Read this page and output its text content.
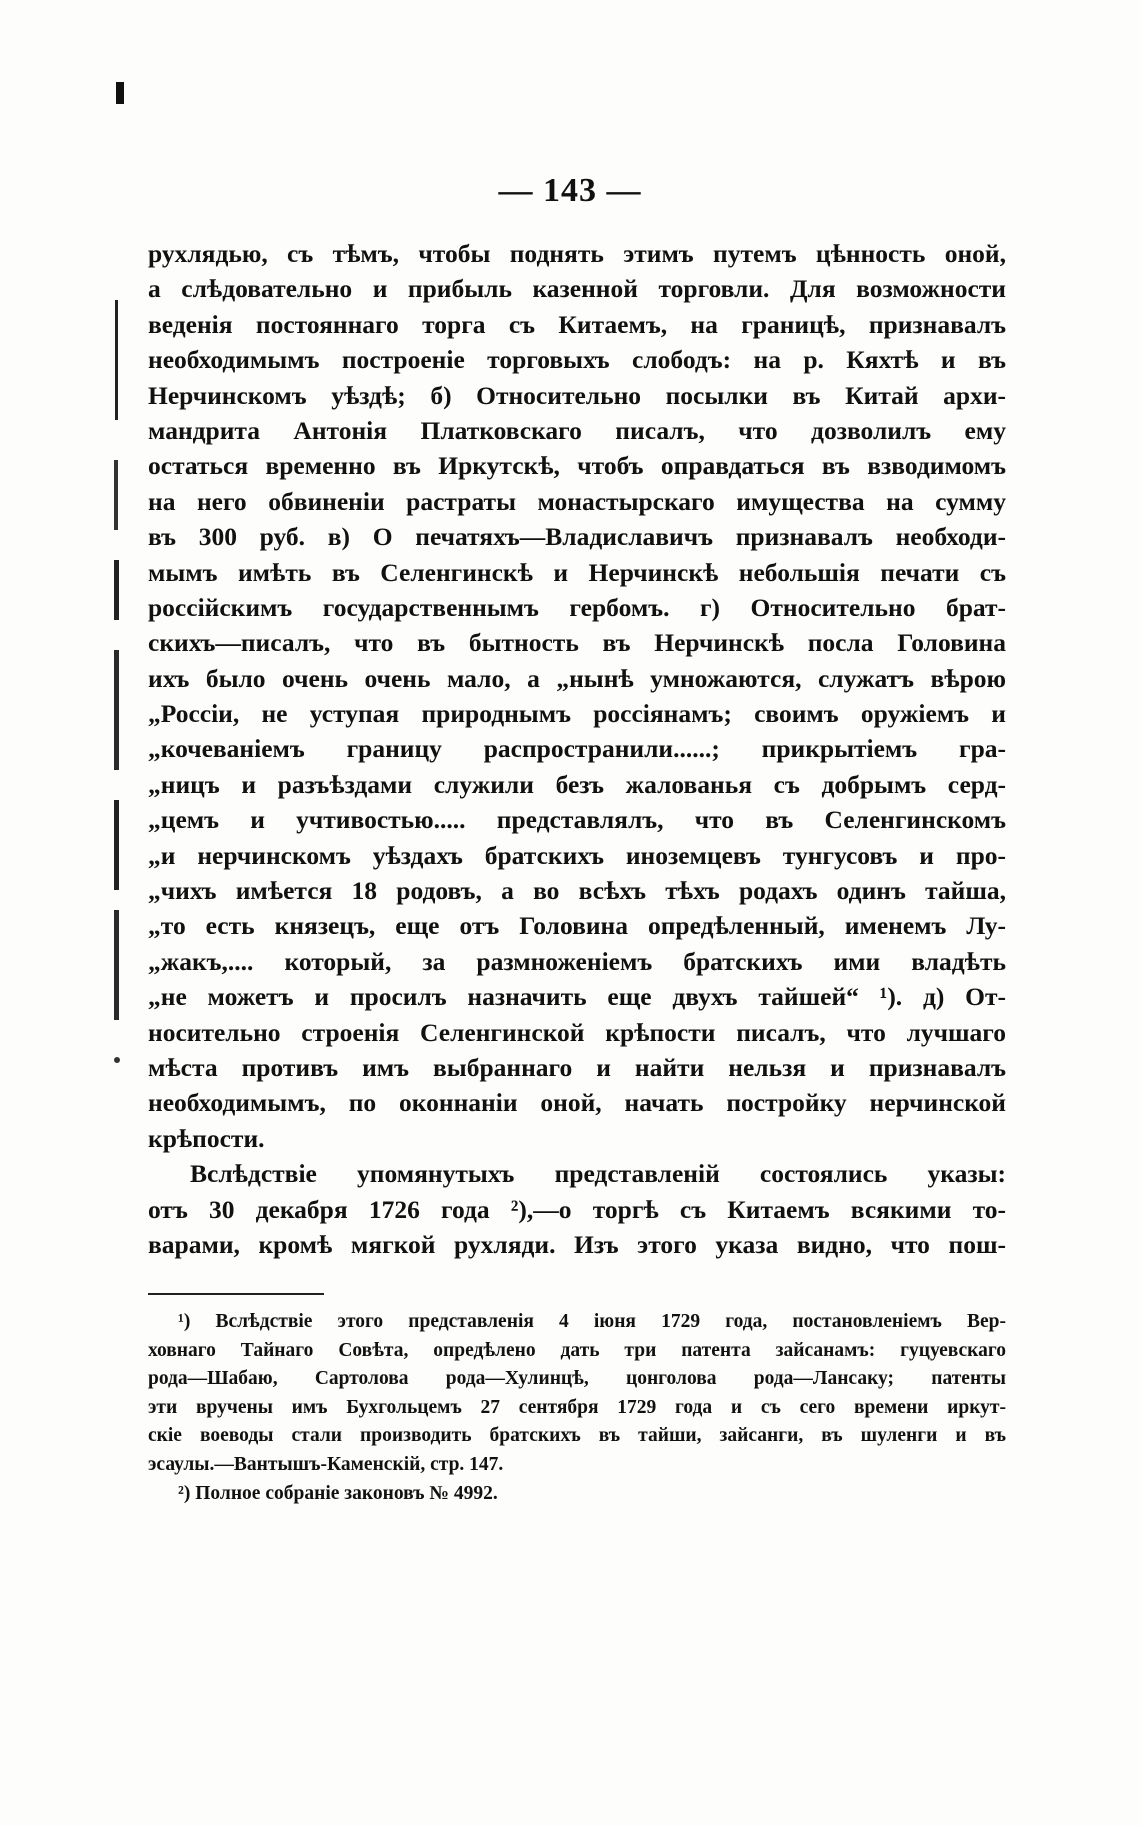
— 143 —
рухлядью, съ тѣмъ, чтобы поднять этимъ путемъ цѣнность оной,
а слѣдовательно и прибыль казенной торговли. Для возможности
веденія постояннаго торга съ Китаемъ, на границѣ, признавалъ
необходимымъ построеніе торговыхъ слободъ: на р. Кяхтѣ и въ
Нерчинскомъ уѣздѣ; б) Относительно посылки въ Китай архи-
мандрита Антонія Платковскаго писалъ, что дозволилъ ему
остаться временно въ Иркутскѣ, чтобъ оправдаться въ взводимомъ
на него обвиненіи растраты монастырскаго имущества на сумму
въ 300 руб. в) О печатяхъ—Владиславичъ признавалъ необходи-
мымъ имѣть въ Селенгинскѣ и Нерчинскѣ небольшія печати съ
россійскимъ государственнымъ гербомъ. г) Относительно брат-
скихъ—писалъ, что въ бытность въ Нерчинскѣ посла Головина
ихъ было очень очень мало, а „нынѣ умножаются, служатъ вѣрою
„Россіи, не уступая природнымъ россіянамъ; своимъ оружіемъ и
„кочеваніемъ границу распространили......; прикрытіемъ гра-
„ницъ и разъѣздами служили безъ жалованья съ добрымъ серд-
„цемъ и учтивостью..... представлялъ, что въ Селенгинскомъ
„и нерчинскомъ уѣздахъ братскихъ иноземцевъ тунгусовъ и про-
„чихъ имѣется 18 родовъ, а во всѣхъ тѣхъ родахъ одинъ тайша,
„то есть князецъ, еще отъ Головина опредѣленный, именемъ Лу-
„жакъ,.... который, за размноженіемъ братскихъ ими владѣть
„не можетъ и просилъ назначить еще двухъ тайшей“ ¹). д) От-
носительно строенія Селенгинской крѣпости писалъ, что лучшаго
мѣста противъ имъ выбраннаго и найти нельзя и признавалъ
необходимымъ, по оконнаніи оной, начать постройку нерчинской
крѣпости.
Вслѣдствіе упомянутыхъ представленій состоялись указы:
отъ 30 декабря 1726 года ²),—о торгѣ съ Китаемъ всякими то-
варами, кромѣ мягкой рухляди. Изъ этого указа видно, что пош-
¹) Вслѣдствіе этого представленія 4 іюня 1729 года, постановленіемъ Вер-
ховнаго Тайнаго Совѣта, опредѣлено дать три патента зайсанамъ: гуцуевскаго
рода—Шабаю, Сартолова рода—Хулинцѣ, цонголова рода—Лансаку; патенты
эти вручены имъ Бухгольцемъ 27 сентября 1729 года и съ сего времени иркут-
скіе воеводы стали производить братскихъ въ тайши, зайсанги, въ шуленги и въ
эсаулы.—Вантышъ-Каменскій, стр. 147.
²) Полное собраніе законовъ № 4992.
